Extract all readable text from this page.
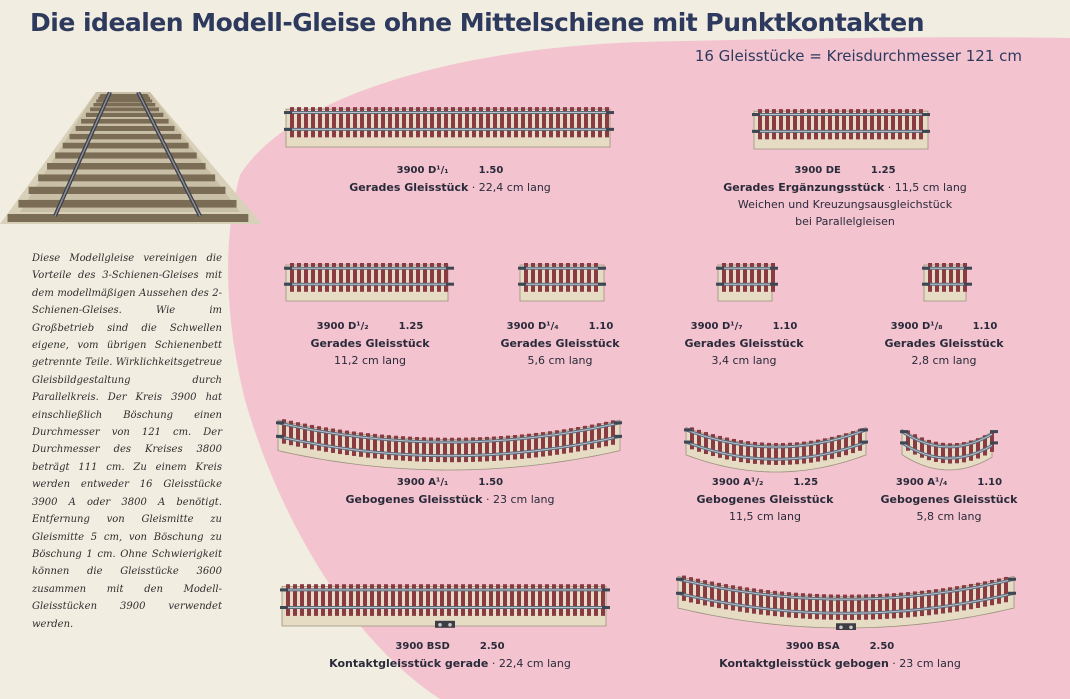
Die idealen Modell-Gleise ohne Mittelschiene mit Punktkontakten
16 Gleisstücke = Kreisdurchmesser 121 cm

Diese Modellgleise vereinigen die Vorteile des 3-Schienen-Gleises mit dem modellmäßigen Aussehen des 2-Schienen-Gleises. Wie im Großbetrieb sind die Schwellen eigene, vom übrigen Schienenbett getrennte Teile. Wirklichkeitsgetreue Gleisbildgestaltung durch Parallelkreis. Der Kreis 3900 hat einschließlich Böschung einen Durchmesser von 121 cm. Der Durchmesser des Kreises 3800 beträgt 111 cm. Zu einem Kreis werden entweder 16 Gleisstücke 3900 A oder 3800 A benötigt. Entfernung von Gleismitte zu Gleismitte 5 cm, von Böschung zu Böschung 1 cm. Ohne Schwierigkeit können die Gleisstücke 3600 zusammen mit den Modell-Gleisstücken 3900 verwendet werden.

3900 D¹/₁	1.50
Gerades Gleisstück · 22,4 cm lang
3900 DE	1.25
Gerades Ergänzungsstück · 11,5 cm lang
Weichen und Kreuzungsausgleichstück
bei Parallelgleisen
3900 D¹/₂	1.25
Gerades Gleisstück
11,2 cm lang
3900 D¹/₄	1.10
Gerades Gleisstück
5,6 cm lang
3900 D¹/₇	1.10
Gerades Gleisstück
3,4 cm lang
3900 D¹/₈	1.10
Gerades Gleisstück
2,8 cm lang
3900 A¹/₁	1.50
Gebogenes Gleisstück · 23 cm lang
3900 A¹/₂	1.25
Gebogenes Gleisstück
11,5 cm lang
3900 A¹/₄	1.10
Gebogenes Gleisstück
5,8 cm lang
3900 BSD	2.50
Kontaktgleisstück gerade · 22,4 cm lang
3900 BSA	2.50
Kontaktgleisstück gebogen · 23 cm lang
